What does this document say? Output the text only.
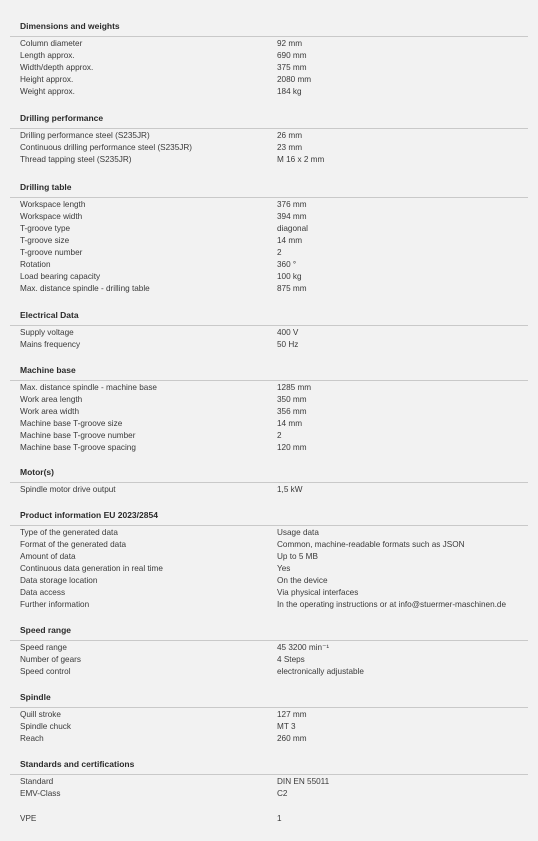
Dimensions and weights
Column diameter	92 mm
Length approx.	690 mm
Width/depth approx.	375 mm
Height approx.	2080 mm
Weight approx.	184 kg
Drilling performance
Drilling performance steel (S235JR)	26 mm
Continuous drilling performance steel (S235JR)	23 mm
Thread tapping steel (S235JR)	M 16 x 2 mm
Drilling table
Workspace length	376 mm
Workspace width	394 mm
T-groove type	diagonal
T-groove size	14 mm
T-groove number	2
Rotation	360 °
Load bearing capacity	100 kg
Max. distance spindle - drilling table	875 mm
Electrical Data
Supply voltage	400 V
Mains frequency	50 Hz
Machine base
Max. distance spindle - machine base	1285 mm
Work area length	350 mm
Work area width	356 mm
Machine base T-groove size	14 mm
Machine base T-groove number	2
Machine base T-groove spacing	120 mm
Motor(s)
Spindle motor drive output	1,5 kW
Product information EU 2023/2854
Type of the generated data	Usage data
Format of the generated data	Common, machine-readable formats such as JSON
Amount of data	Up to 5 MB
Continuous data generation in real time	Yes
Data storage location	On the device
Data access	Via physical interfaces
Further information	In the operating instructions or at info@stuermer-maschinen.de
Speed range
Speed range	45 3200 min⁻¹
Number of gears	4 Steps
Speed control	electronically adjustable
Spindle
Quill stroke	127 mm
Spindle chuck	MT 3
Reach	260 mm
Standards and certifications
Standard	DIN EN 55011
EMV-Class	C2
VPE	1
